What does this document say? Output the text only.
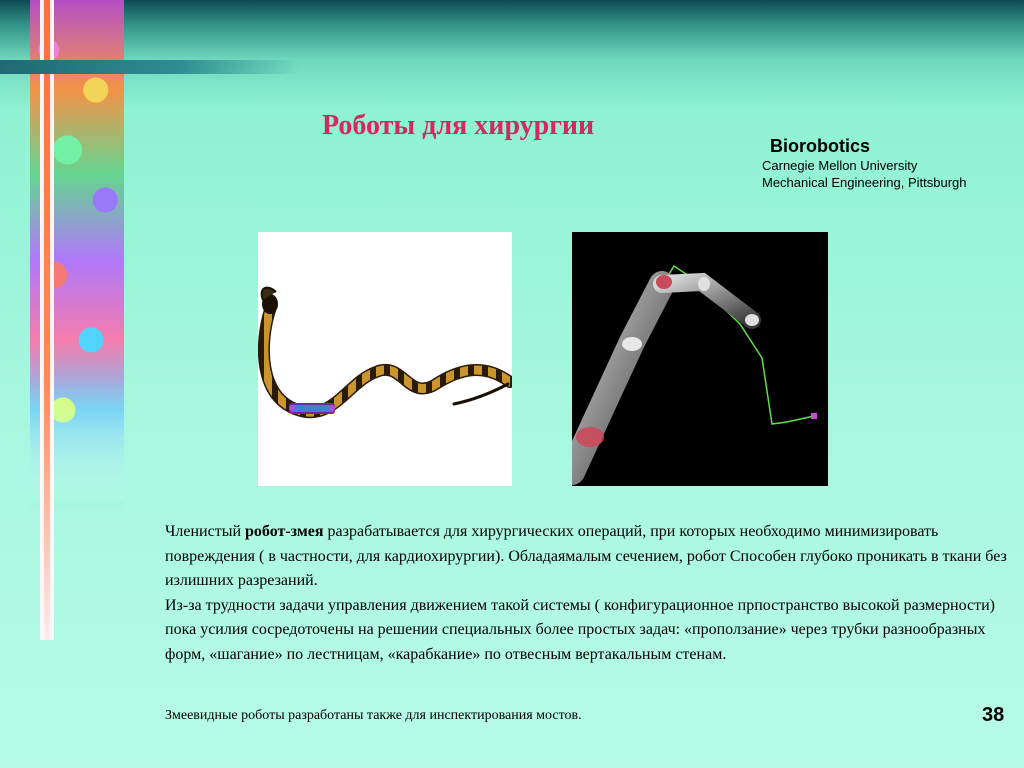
Роботы для хирургии
Biorobotics
Carnegie Mellon University
Mechanical Engineering, Pittsburgh

Членистый робот-змея разрабатывается для хирургических операций, при которых необходимо минимизировать повреждения ( в частности, для кардиохирургии). Обладаямалым сечением, робот Способен глубоко проникать в ткани без излишних разрезаний.

Из-за трудности задачи управления движением такой системы ( конфигурационное прпостранство высокой размерности) пока усилия сосредоточены на решении специальных более простых задач: «проползание» через трубки разнообразных форм, «шагание» по лестницам, «карабкание» по отвесным вертакальным стенам.

Змеевидные роботы разработаны также для инспектирования мостов.	38
